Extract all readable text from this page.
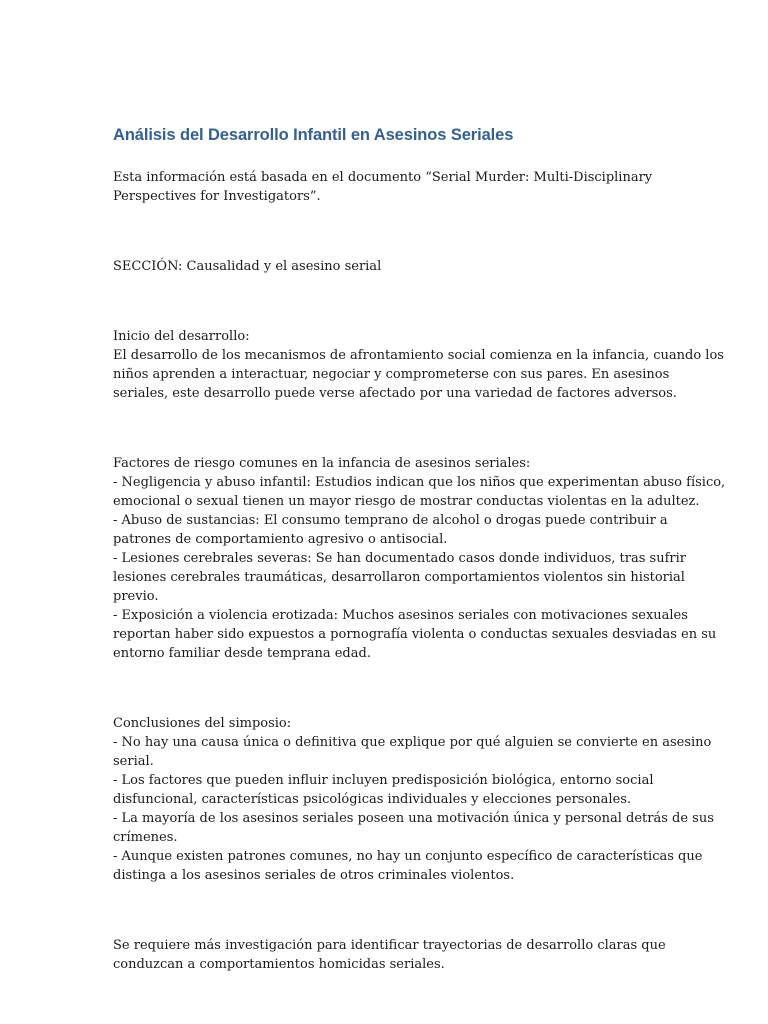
Análisis del Desarrollo Infantil en Asesinos Seriales

Esta información está basada en el documento “Serial Murder: Multi-Disciplinary

Perspectives for Investigators”.

SECCIÓN: Causalidad y el asesino serial

Inicio del desarrollo:

El desarrollo de los mecanismos de afrontamiento social comienza en la infancia, cuando los

niños aprenden a interactuar, negociar y comprometerse con sus pares. En asesinos

seriales, este desarrollo puede verse afectado por una variedad de factores adversos.

Factores de riesgo comunes en la infancia de asesinos seriales:

- Negligencia y abuso infantil: Estudios indican que los niños que experimentan abuso físico,

emocional o sexual tienen un mayor riesgo de mostrar conductas violentas en la adultez.

- Abuso de sustancias: El consumo temprano de alcohol o drogas puede contribuir a

patrones de comportamiento agresivo o antisocial.

- Lesiones cerebrales severas: Se han documentado casos donde individuos, tras sufrir

lesiones cerebrales traumáticas, desarrollaron comportamientos violentos sin historial

previo.

- Exposición a violencia erotizada: Muchos asesinos seriales con motivaciones sexuales

reportan haber sido expuestos a pornografía violenta o conductas sexuales desviadas en su

entorno familiar desde temprana edad.

Conclusiones del simposio:

- No hay una causa única o definitiva que explique por qué alguien se convierte en asesino

serial.

- Los factores que pueden influir incluyen predisposición biológica, entorno social

disfuncional, características psicológicas individuales y elecciones personales.

- La mayoría de los asesinos seriales poseen una motivación única y personal detrás de sus

crímenes.

- Aunque existen patrones comunes, no hay un conjunto específico de características que

distinga a los asesinos seriales de otros criminales violentos.

Se requiere más investigación para identificar trayectorias de desarrollo claras que

conduzcan a comportamientos homicidas seriales.
